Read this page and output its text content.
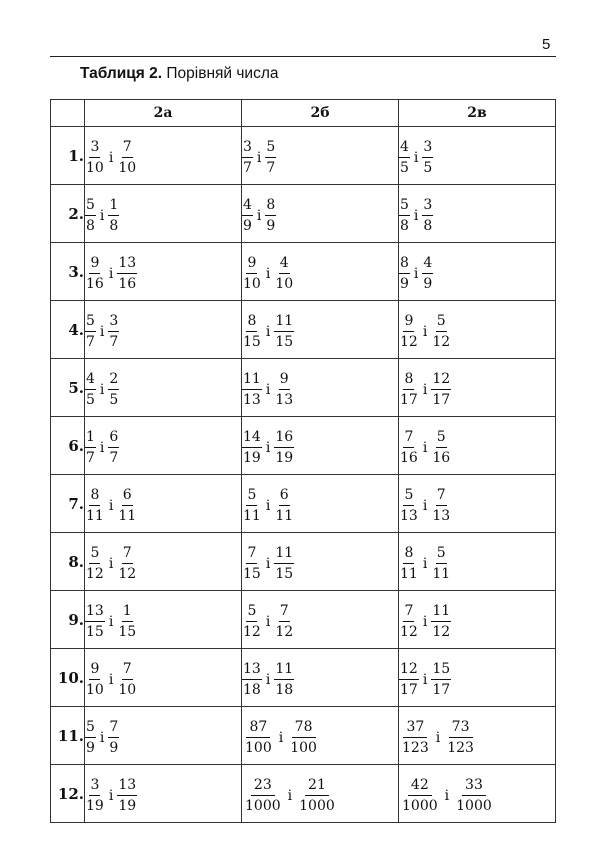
5
Таблиця 2. Порівняй числа
	2а	2б	2в
1.	$\frac{3}{10}$ і $\frac{7}{10}$	$\frac{3}{7}$ і $\frac{5}{7}$	$\frac{4}{5}$ і $\frac{3}{5}$

2.	$\frac{5}{8}$ і $\frac{1}{8}$	$\frac{4}{9}$ і $\frac{8}{9}$	$\frac{5}{8}$ і $\frac{3}{8}$

3.	$\frac{9}{16}$ і $\frac{13}{16}$	$\frac{9}{10}$ і $\frac{4}{10}$	$\frac{8}{9}$ і $\frac{4}{9}$

4.	$\frac{5}{7}$ і $\frac{3}{7}$	$\frac{8}{15}$ і $\frac{11}{15}$	$\frac{9}{12}$ і $\frac{5}{12}$

5.	$\frac{4}{5}$ і $\frac{2}{5}$	$\frac{11}{13}$ і $\frac{9}{13}$	$\frac{8}{17}$ і $\frac{12}{17}$

6.	$\frac{1}{7}$ і $\frac{6}{7}$	$\frac{14}{19}$ і $\frac{16}{19}$	$\frac{7}{16}$ і $\frac{5}{16}$

7.	$\frac{8}{11}$ і $\frac{6}{11}$	$\frac{5}{11}$ і $\frac{6}{11}$	$\frac{5}{13}$ і $\frac{7}{13}$

8.	$\frac{5}{12}$ і $\frac{7}{12}$	$\frac{7}{15}$ і $\frac{11}{15}$	$\frac{8}{11}$ і $\frac{5}{11}$

9.	$\frac{13}{15}$ і $\frac{1}{15}$	$\frac{5}{12}$ і $\frac{7}{12}$	$\frac{7}{12}$ і $\frac{11}{12}$

10.	$\frac{9}{10}$ і $\frac{7}{10}$	$\frac{13}{18}$ і $\frac{11}{18}$	$\frac{12}{17}$ і $\frac{15}{17}$

11.	$\frac{5}{9}$ і $\frac{7}{9}$	$\frac{87}{100}$ і $\frac{78}{100}$	$\frac{37}{123}$ і $\frac{73}{123}$

12.	$\frac{3}{19}$ і $\frac{13}{19}$	$\frac{23}{1000}$ і $\frac{21}{1000}$	$\frac{42}{1000}$ і $\frac{33}{1000}$
